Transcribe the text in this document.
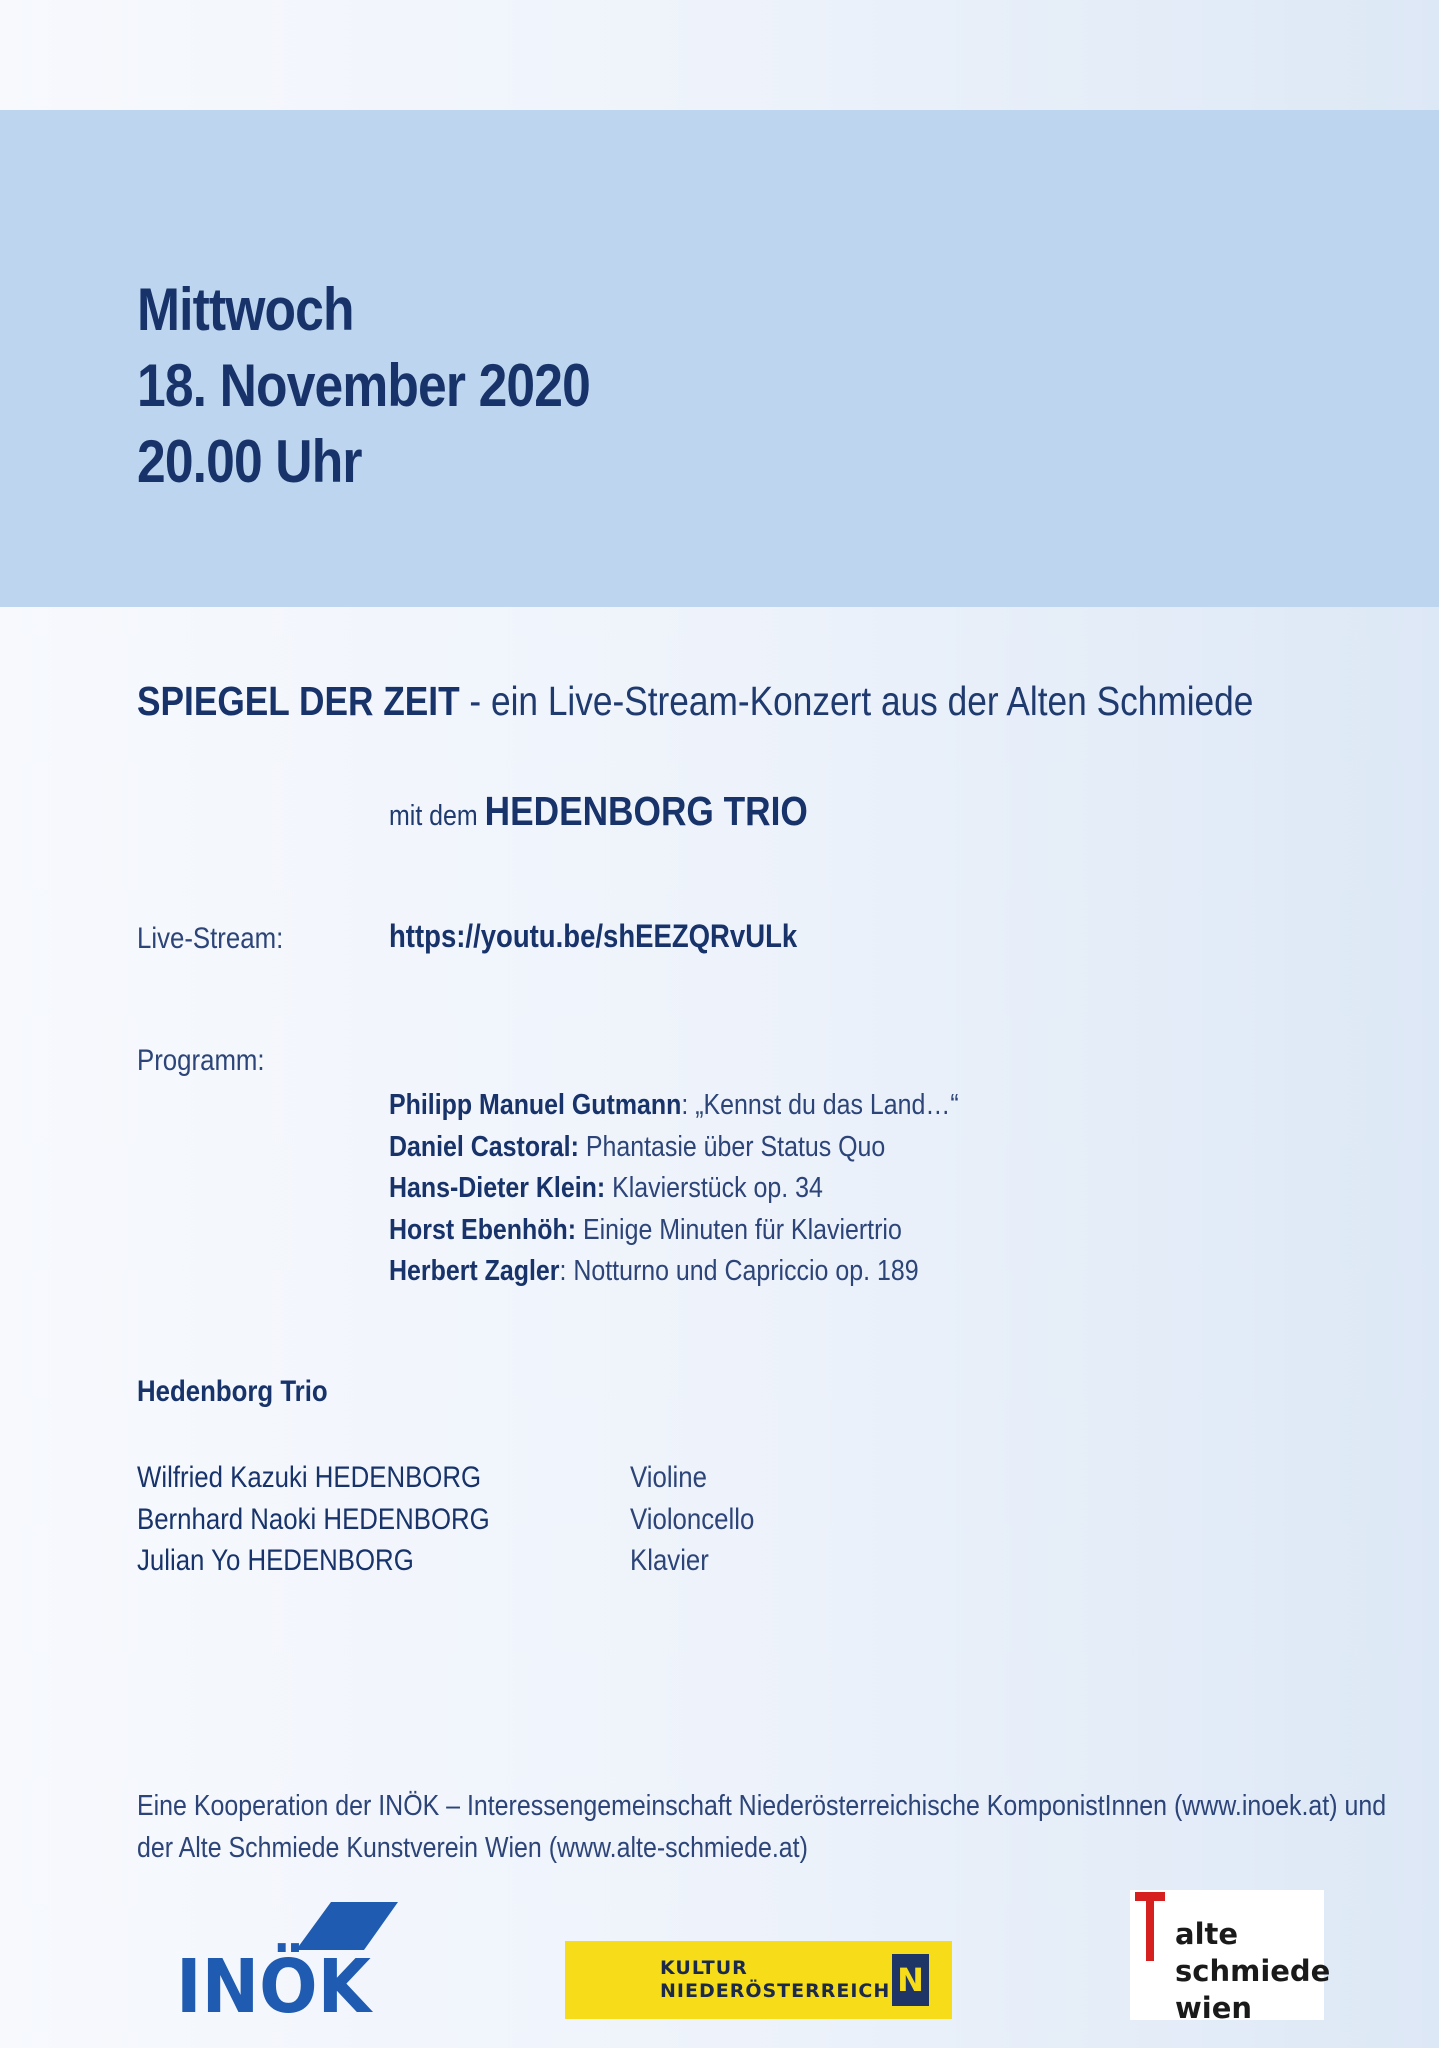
Mittwoch
18. November 2020
20.00 Uhr
SPIEGEL DER ZEIT - ein Live-Stream-Konzert aus der Alten Schmiede
mit dem HEDENBORG TRIO
Live-Stream:	https://youtu.be/shEEZQRvULk
Programm:
Philipp Manuel Gutmann: „Kennst du das Land…“
Daniel Castoral: Phantasie über Status Quo
Hans-Dieter Klein: Klavierstück op. 34
Horst Ebenhöh: Einige Minuten für Klaviertrio
Herbert Zagler: Notturno und Capriccio op. 189
Hedenborg Trio
Wilfried Kazuki HEDENBORG
Bernhard Naoki HEDENBORG
Julian Yo HEDENBORG
Violine
Violoncello
Klavier
Eine Kooperation der INÖK – Interessengemeinschaft Niederösterreichische KomponistInnen (www.inoek.at) und
der Alte Schmiede Kunstverein Wien (www.alte-schmiede.at)
INÖK	KULTUR
NIEDERÖSTERREICH N
alte
schmiede
wien
